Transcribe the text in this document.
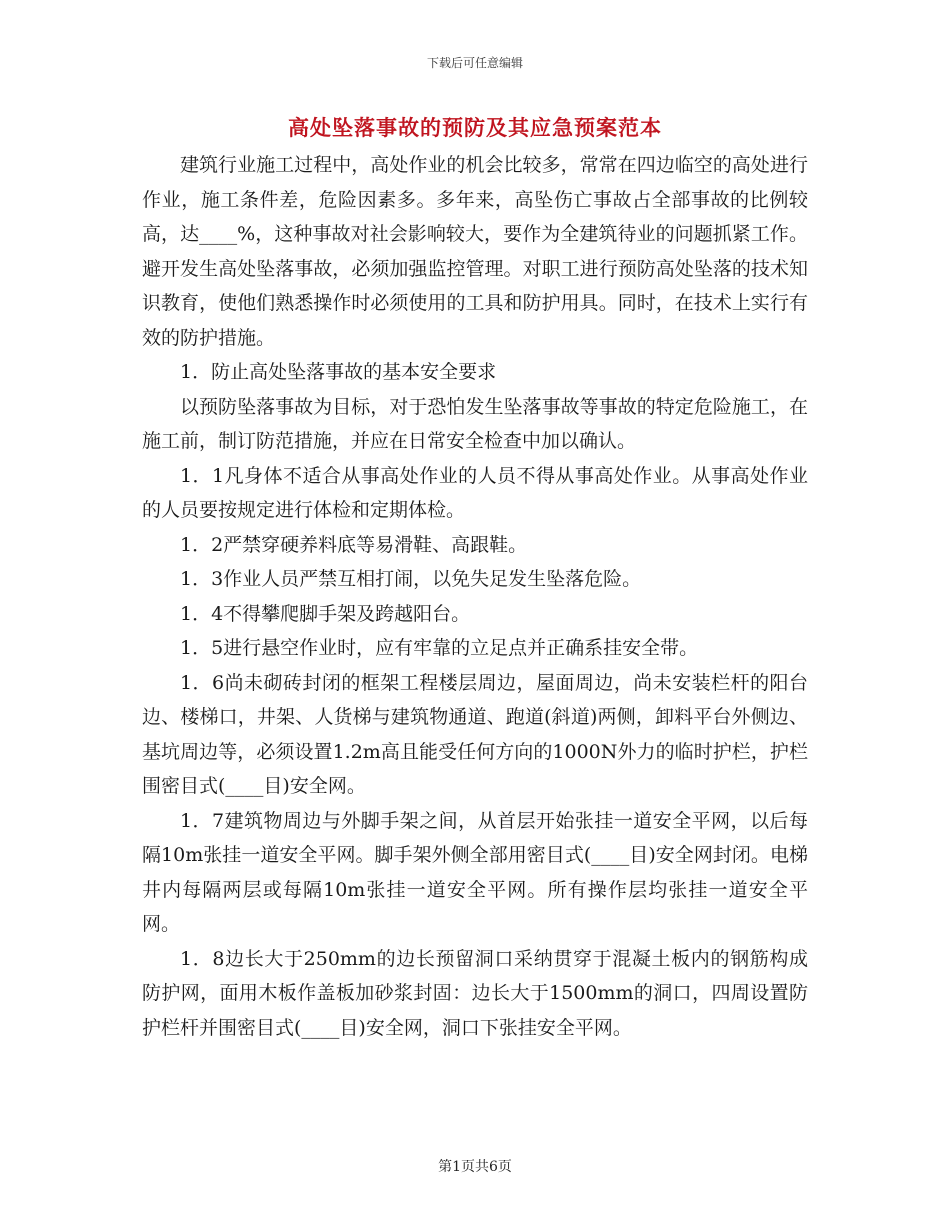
下载后可任意编辑
高处坠落事故的预防及其应急预案范本

建筑行业施工过程中，高处作业的机会比较多，常常在四边临空的高处进行作业，施工条件差，危险因素多。多年来，高坠伤亡事故占全部事故的比例较高，达____%，这种事故对社会影响较大，要作为全建筑待业的问题抓紧工作。避开发生高处坠落事故，必须加强监控管理。对职工进行预防高处坠落的技术知识教育，使他们熟悉操作时必须使用的工具和防护用具。同时，在技术上实行有效的防护措施。

1．防止高处坠落事故的基本安全要求

以预防坠落事故为目标，对于恐怕发生坠落事故等事故的特定危险施工，在施工前，制订防范措施，并应在日常安全检查中加以确认。

1．1凡身体不适合从事高处作业的人员不得从事高处作业。从事高处作业的人员要按规定进行体检和定期体检。

1．2严禁穿硬养料底等易滑鞋、高跟鞋。

1．3作业人员严禁互相打闹，以免失足发生坠落危险。

1．4不得攀爬脚手架及跨越阳台。

1．5进行悬空作业时，应有牢靠的立足点并正确系挂安全带。

1．6尚未砌砖封闭的框架工程楼层周边，屋面周边，尚未安装栏杆的阳台边、楼梯口，井架、人货梯与建筑物通道、跑道(斜道)两侧，卸料平台外侧边、基坑周边等，必须设置1.2m高且能受任何方向的1000N外力的临时护栏，护栏围密目式(____目)安全网。

1．7建筑物周边与外脚手架之间，从首层开始张挂一道安全平网，以后每隔10m张挂一道安全平网。脚手架外侧全部用密目式(____目)安全网封闭。电梯井内每隔两层或每隔10m张挂一道安全平网。所有操作层均张挂一道安全平网。

1．8边长大于250mm的边长预留洞口采纳贯穿于混凝土板内的钢筋构成防护网，面用木板作盖板加砂浆封固：边长大于1500mm的洞口，四周设置防护栏杆并围密目式(____目)安全网，洞口下张挂安全平网。

第1页共6页
